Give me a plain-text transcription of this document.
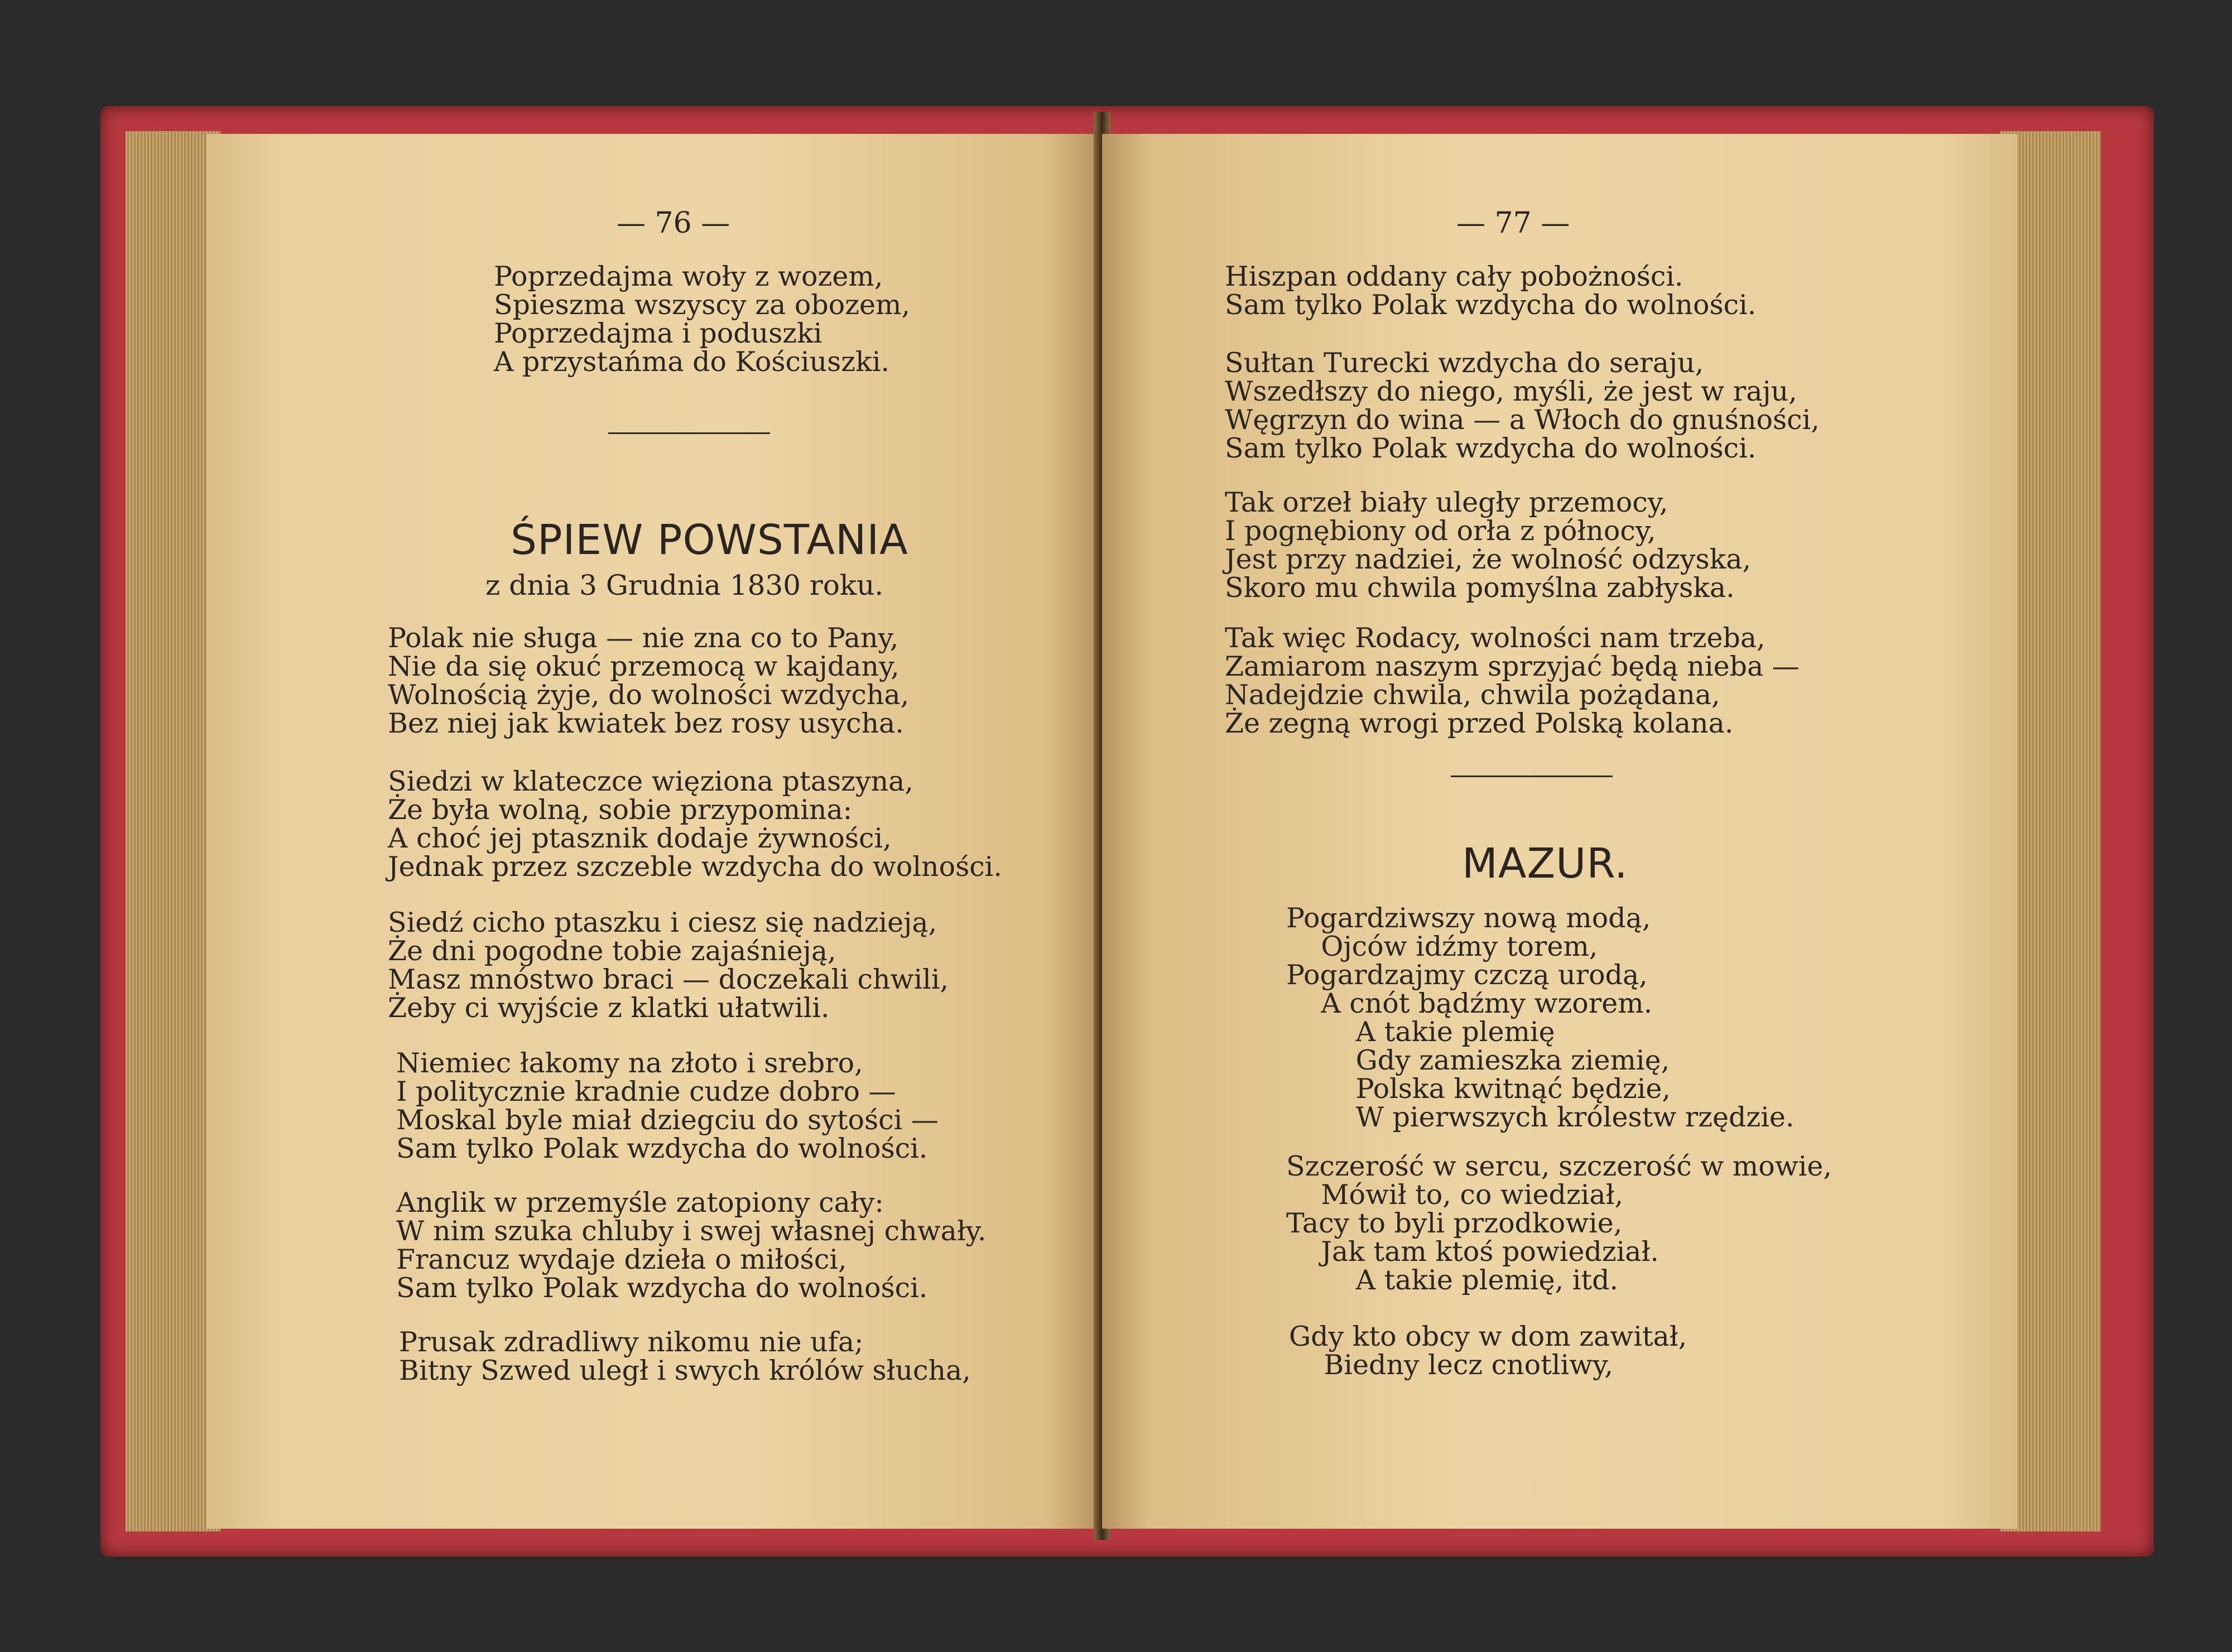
— 76 —
Poprzedajma woły z wozem,
Spieszma wszyscy za obozem,
Poprzedajma i poduszki
A przystańma do Kościuszki.
ŚPIEW POWSTANIA
z dnia 3 Grudnia 1830 roku.
Polak nie sługa — nie zna co to Pany,
Nie da się okuć przemocą w kajdany,
Wolnością żyje, do wolności wzdycha,
Bez niej jak kwiatek bez rosy usycha.
Siedzi w klateczce więziona ptaszyna,
Że była wolną, sobie przypomina:
A choć jej ptasznik dodaje żywności,
Jednak przez szczeble wzdycha do wolności.
Siedź cicho ptaszku i ciesz się nadzieją,
Że dni pogodne tobie zajaśnieją,
Masz mnóstwo braci — doczekali chwili,
Żeby ci wyjście z klatki ułatwili.
Niemiec łakomy na złoto i srebro,
I politycznie kradnie cudze dobro —
Moskal byle miał dziegciu do sytości —
Sam tylko Polak wzdycha do wolności.
Anglik w przemyśle zatopiony cały:
W nim szuka chluby i swej własnej chwały.
Francuz wydaje dzieła o miłości,
Sam tylko Polak wzdycha do wolności.
Prusak zdradliwy nikomu nie ufa;
Bitny Szwed uległ i swych królów słucha,
— 77 —
Hiszpan oddany cały pobożności.
Sam tylko Polak wzdycha do wolności.
Sułtan Turecki wzdycha do seraju,
Wszedłszy do niego, myśli, że jest w raju,
Węgrzyn do wina — a Włoch do gnuśności,
Sam tylko Polak wzdycha do wolności.
Tak orzeł biały uległy przemocy,
I pognębiony od orła z północy,
Jest przy nadziei, że wolność odzyska,
Skoro mu chwila pomyślna zabłyska.
Tak więc Rodacy, wolności nam trzeba,
Zamiarom naszym sprzyjać będą nieba —
Nadejdzie chwila, chwila pożądana,
Że zegną wrogi przed Polską kolana.
MAZUR.
Pogardziwszy nową modą,
Ojców idźmy torem,
Pogardzajmy czczą urodą,
A cnót bądźmy wzorem.
A takie plemię
Gdy zamieszka ziemię,
Polska kwitnąć będzie,
W pierwszych królestw rzędzie.
Szczerość w sercu, szczerość w mowie,
Mówił to, co wiedział,
Tacy to byli przodkowie,
Jak tam ktoś powiedział.
A takie plemię, itd.
Gdy kto obcy w dom zawitał,
Biedny lecz cnotliwy,
